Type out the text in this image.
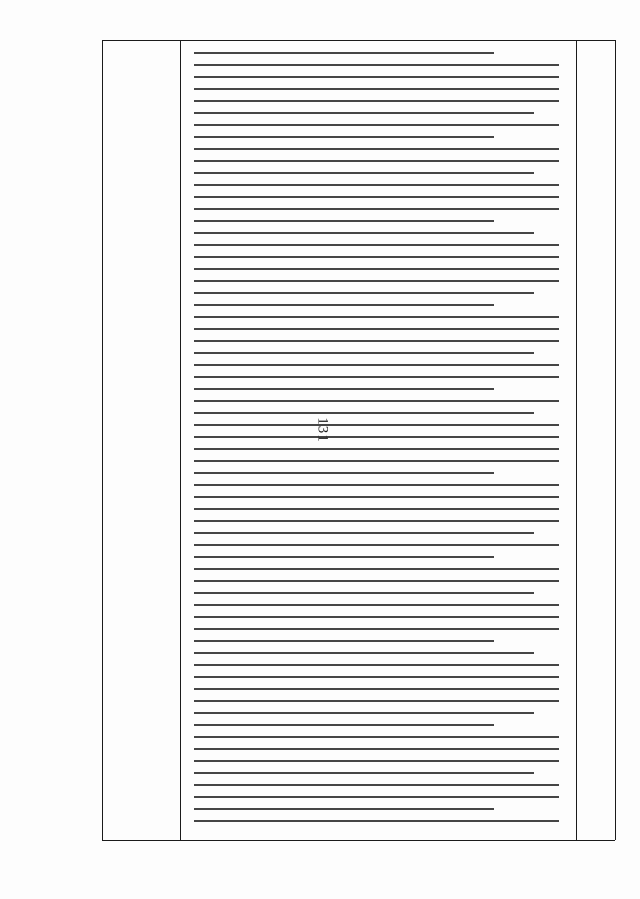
131
